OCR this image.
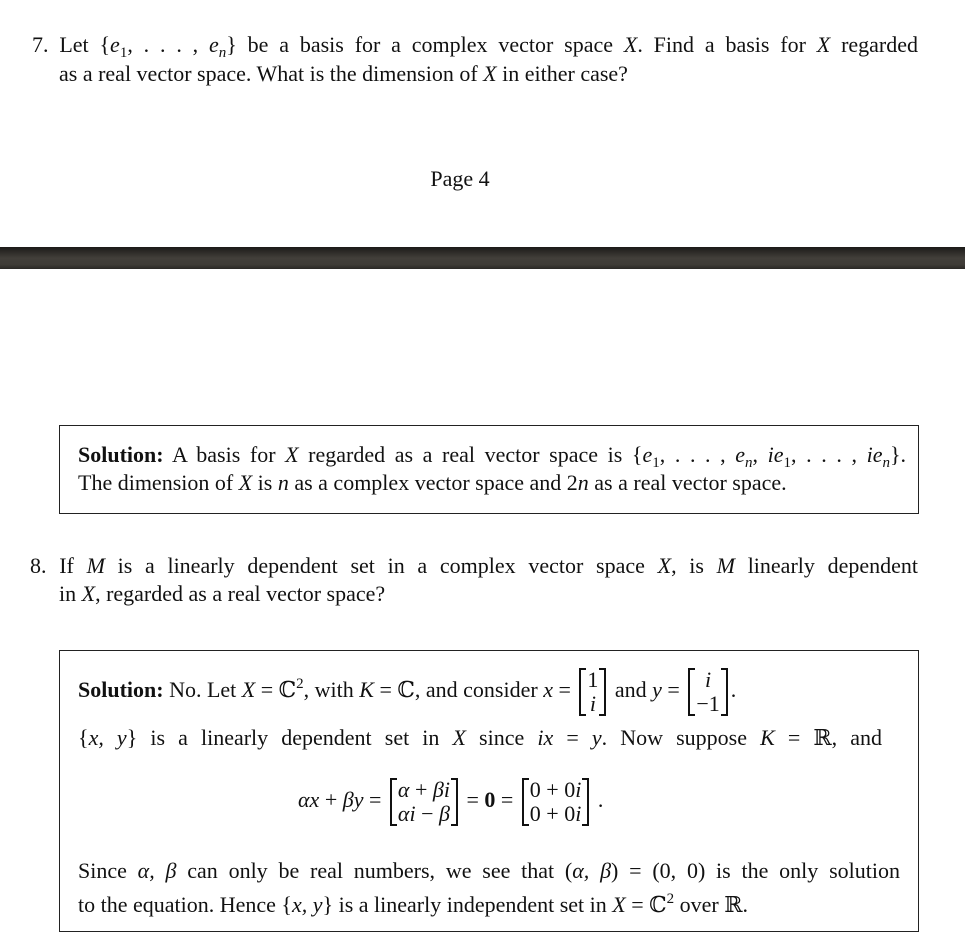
7. Let {$e_1$, . . . , $e_n$} be a basis for a complex vector space X. Find a basis for X regarded
as a real vector space. What is the dimension of X in either case?
Page 4
Solution: A basis for X regarded as a real vector space is {$e_1$, . . . , $e_n$, $ie_1$, . . . , $ie_n$}.
The dimension of X is n as a complex vector space and 2n as a real vector space.
8. If M is a linearly dependent set in a complex vector space X, is M linearly dependent
in X, regarded as a real vector space?
Solution: No. Let X = ℂ$^2$, with K = ℂ, and consider x = 1
i
and y = i
−1
.
{x, y} is a linearly dependent set in X since ix = y. Now suppose K = ℝ, and
αx + βy = α + βi
αi − β
= 0 = 0 + 0i
0 + 0i
.
Since α, β can only be real numbers, we see that (α, β) = (0, 0) is the only solution
to the equation. Hence {x, y} is a linearly independent set in X = ℂ$^2$ over ℝ.
